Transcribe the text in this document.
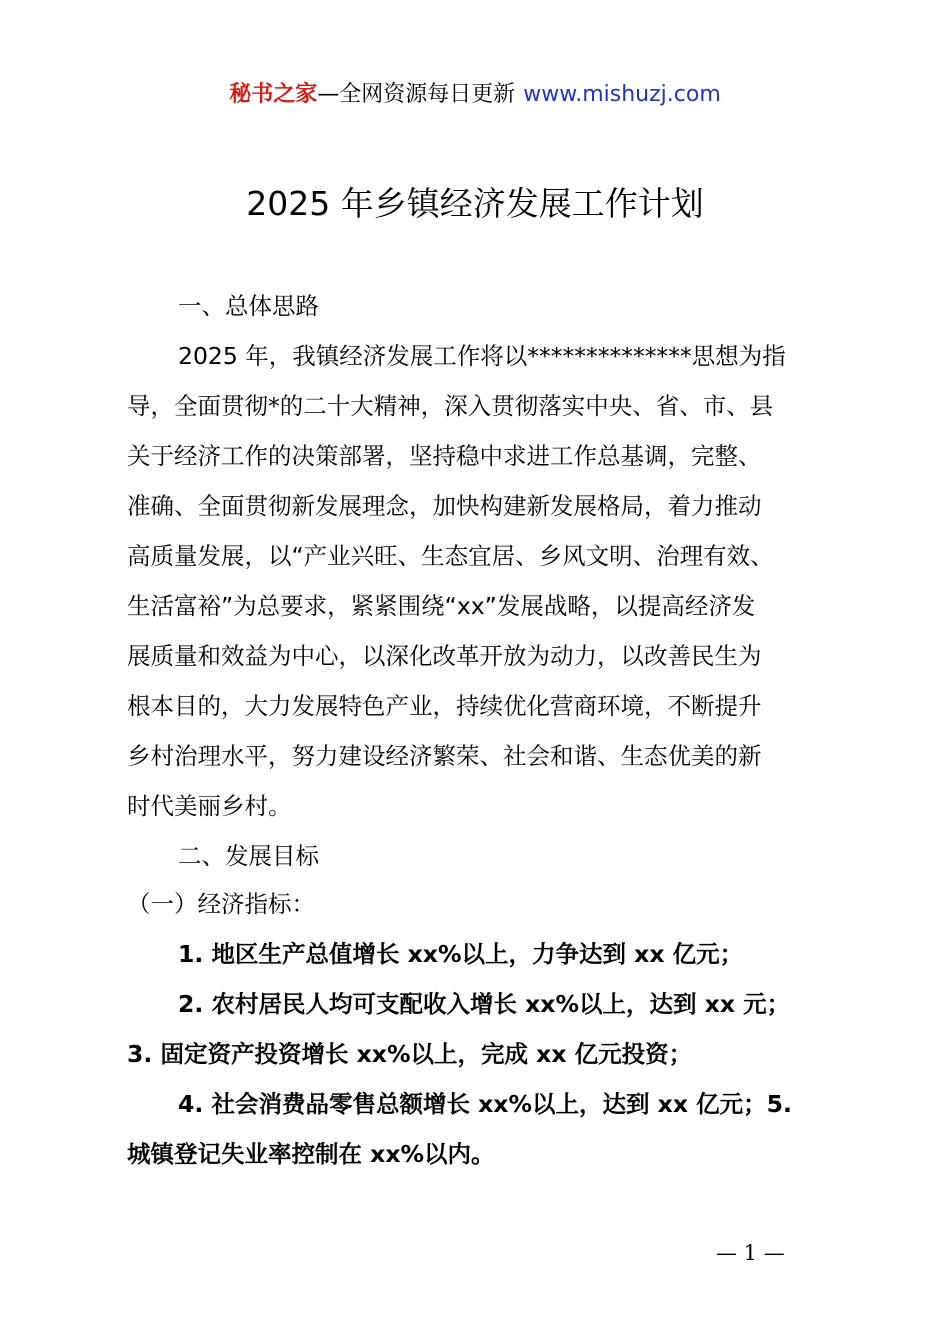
秘书之家—全网资源每日更新 www.mishuzj.com
2025 年乡镇经济发展工作计划
一、总体思路
2025 年，我镇经济发展工作将以**************思想为指
导，全面贯彻*的二十大精神，深入贯彻落实中央、省、市、县
关于经济工作的决策部署，坚持稳中求进工作总基调，完整、
准确、全面贯彻新发展理念，加快构建新发展格局，着力推动
高质量发展，以“产业兴旺、生态宜居、乡风文明、治理有效、
生活富裕”为总要求，紧紧围绕“xx”发展战略，以提高经济发
展质量和效益为中心，以深化改革开放为动力，以改善民生为
根本目的，大力发展特色产业，持续优化营商环境，不断提升
乡村治理水平，努力建设经济繁荣、社会和谐、生态优美的新
时代美丽乡村。
二、发展目标
（一）经济指标：
1. 地区生产总值增长 xx%以上，力争达到 xx 亿元；
2. 农村居民人均可支配收入增长 xx%以上，达到 xx 元；
3. 固定资产投资增长 xx%以上，完成 xx 亿元投资；
4. 社会消费品零售总额增长 xx%以上，达到 xx 亿元；5.
城镇登记失业率控制在 xx%以内。
— 1 —
